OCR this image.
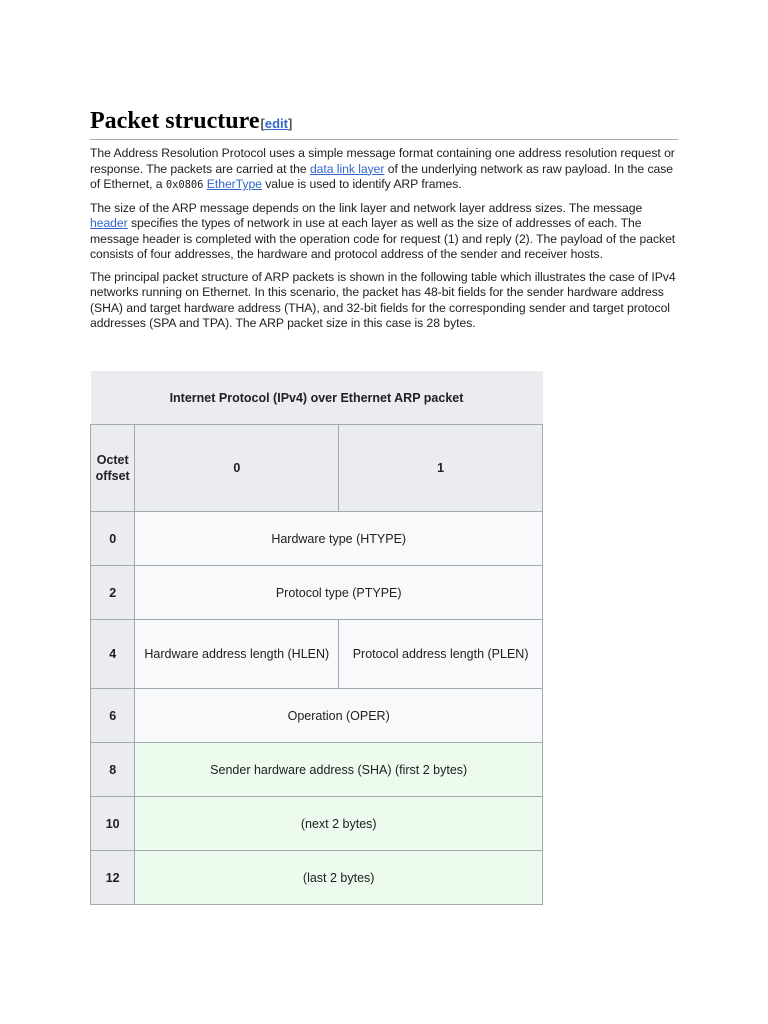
Packet structure[edit]

The Address Resolution Protocol uses a simple message format containing one address resolution request or response. The packets are carried at the data link layer of the underlying network as raw payload. In the case of Ethernet, a 0x0806 EtherType value is used to identify ARP frames.

The size of the ARP message depends on the link layer and network layer address sizes. The message header specifies the types of network in use at each layer as well as the size of addresses of each. The message header is completed with the operation code for request (1) and reply (2). The payload of the packet consists of four addresses, the hardware and protocol address of the sender and receiver hosts.

The principal packet structure of ARP packets is shown in the following table which illustrates the case of IPv4 networks running on Ethernet. In this scenario, the packet has 48-bit fields for the sender hardware address (SHA) and target hardware address (THA), and 32-bit fields for the corresponding sender and target protocol addresses (SPA and TPA). The ARP packet size in this case is 28 bytes.

Internet Protocol (IPv4) over Ethernet ARP packet		
Octet offset	0	1
0	Hardware type (HTYPE)	
2	Protocol type (PTYPE)	
4	Hardware address length (HLEN)	Protocol address length (PLEN)
6	Operation (OPER)	
8	Sender hardware address (SHA) (first 2 bytes)	
10	(next 2 bytes)	
12	(last 2 bytes)	
